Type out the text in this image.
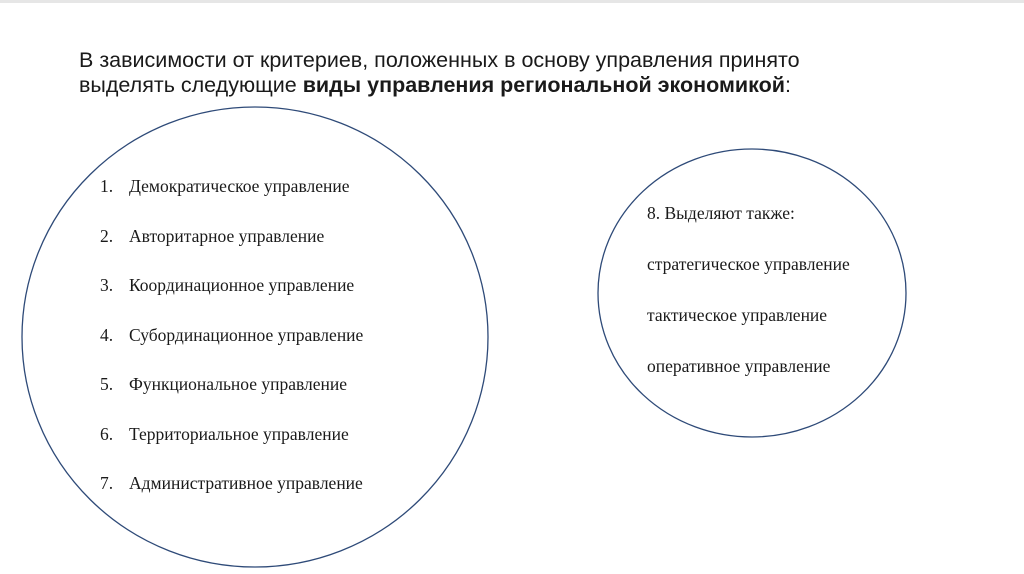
В зависимости от критериев, положенных в основу управления принято
выделять следующие виды управления региональной экономикой:
1. Демократическое управление
2. Авторитарное управление
3. Координационное управление
4. Субординационное управление
5. Функциональное управление
6. Территориальное управление
7. Административное управление
8. Выделяют также:
стратегическое управление
тактическое управление
оперативное управление
